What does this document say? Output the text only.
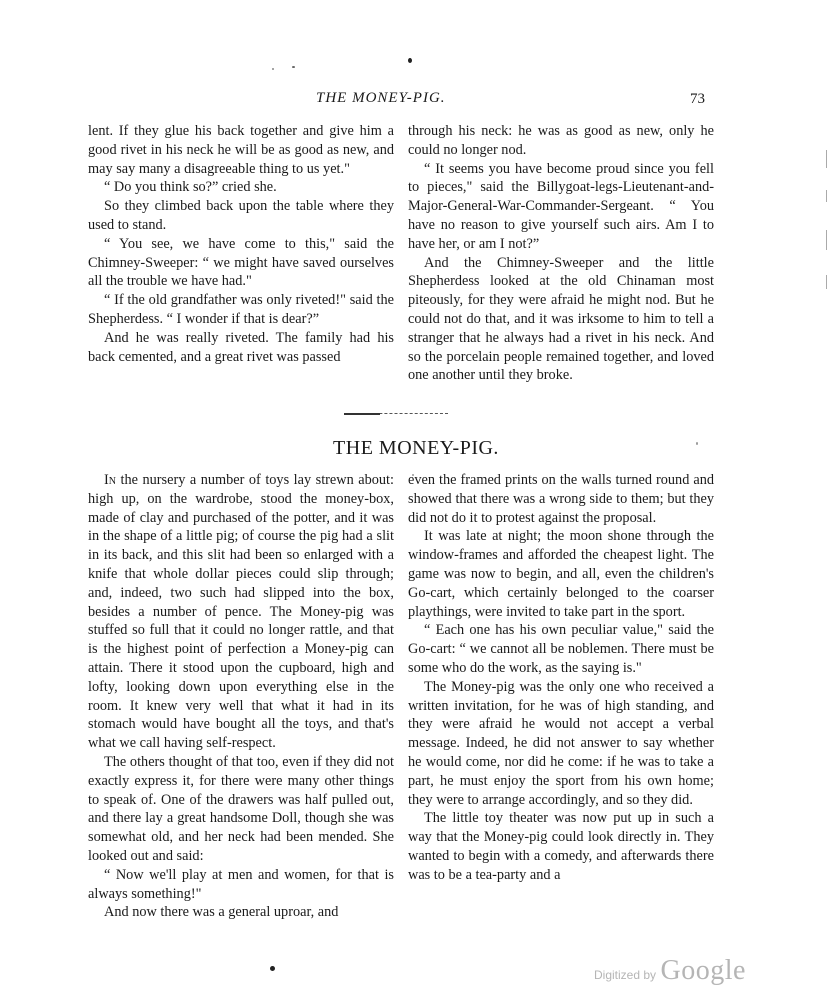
THE MONEY-PIG.	73

lent. If they glue his back together and give him a good rivet in his neck he will be as good as new, and may say many a disagreeable thing to us yet."

“ Do you think so?” cried she.

So they climbed back upon the table where they used to stand.

“ You see, we have come to this," said the Chimney-Sweeper: “ we might have saved ourselves all the trouble we have had."

“ If the old grandfather was only riveted!" said the Shepherdess. “ I wonder if that is dear?”

And he was really riveted. The family had his back cemented, and a great rivet was passed

through his neck: he was as good as new, only he could no longer nod.

“ It seems you have become proud since you fell to pieces," said the Billygoat-legs-Lieutenant-and-Major-General-War-Commander-Sergeant. “ You have no reason to give yourself such airs. Am I to have her, or am I not?”

And the Chimney-Sweeper and the little Shepherdess looked at the old Chinaman most piteously, for they were afraid he might nod. But he could not do that, and it was irksome to him to tell a stranger that he always had a rivet in his neck. And so the porcelain people remained together, and loved one another until they broke.

THE MONEY-PIG.

In the nursery a number of toys lay strewn about: high up, on the wardrobe, stood the money-box, made of clay and purchased of the potter, and it was in the shape of a little pig; of course the pig had a slit in its back, and this slit had been so enlarged with a knife that whole dollar pieces could slip through; and, indeed, two such had slipped into the box, besides a number of pence. The Money-pig was stuffed so full that it could no longer rattle, and that is the highest point of perfection a Money-pig can attain. There it stood upon the cupboard, high and lofty, looking down upon everything else in the room. It knew very well that what it had in its stomach would have bought all the toys, and that's what we call having self-respect.

The others thought of that too, even if they did not exactly express it, for there were many other things to speak of. One of the drawers was half pulled out, and there lay a great handsome Doll, though she was somewhat old, and her neck had been mended. She looked out and said:

“ Now we'll play at men and women, for that is always something!"

And now there was a general uproar, and

even the framed prints on the walls turned round and showed that there was a wrong side to them; but they did not do it to protest against the proposal.

It was late at night; the moon shone through the window-frames and afforded the cheapest light. The game was now to begin, and all, even the children's Go-cart, which certainly belonged to the coarser playthings, were invited to take part in the sport.

“ Each one has his own peculiar value," said the Go-cart: “ we cannot all be noblemen. There must be some who do the work, as the saying is."

The Money-pig was the only one who received a written invitation, for he was of high standing, and they were afraid he would not accept a verbal message. Indeed, he did not answer to say whether he would come, nor did he come: if he was to take a part, he must enjoy the sport from his own home; they were to arrange accordingly, and so they did.

The little toy theater was now put up in such a way that the Money-pig could look directly in. They wanted to begin with a comedy, and afterwards there was to be a tea-party and a

Digitized by Google
